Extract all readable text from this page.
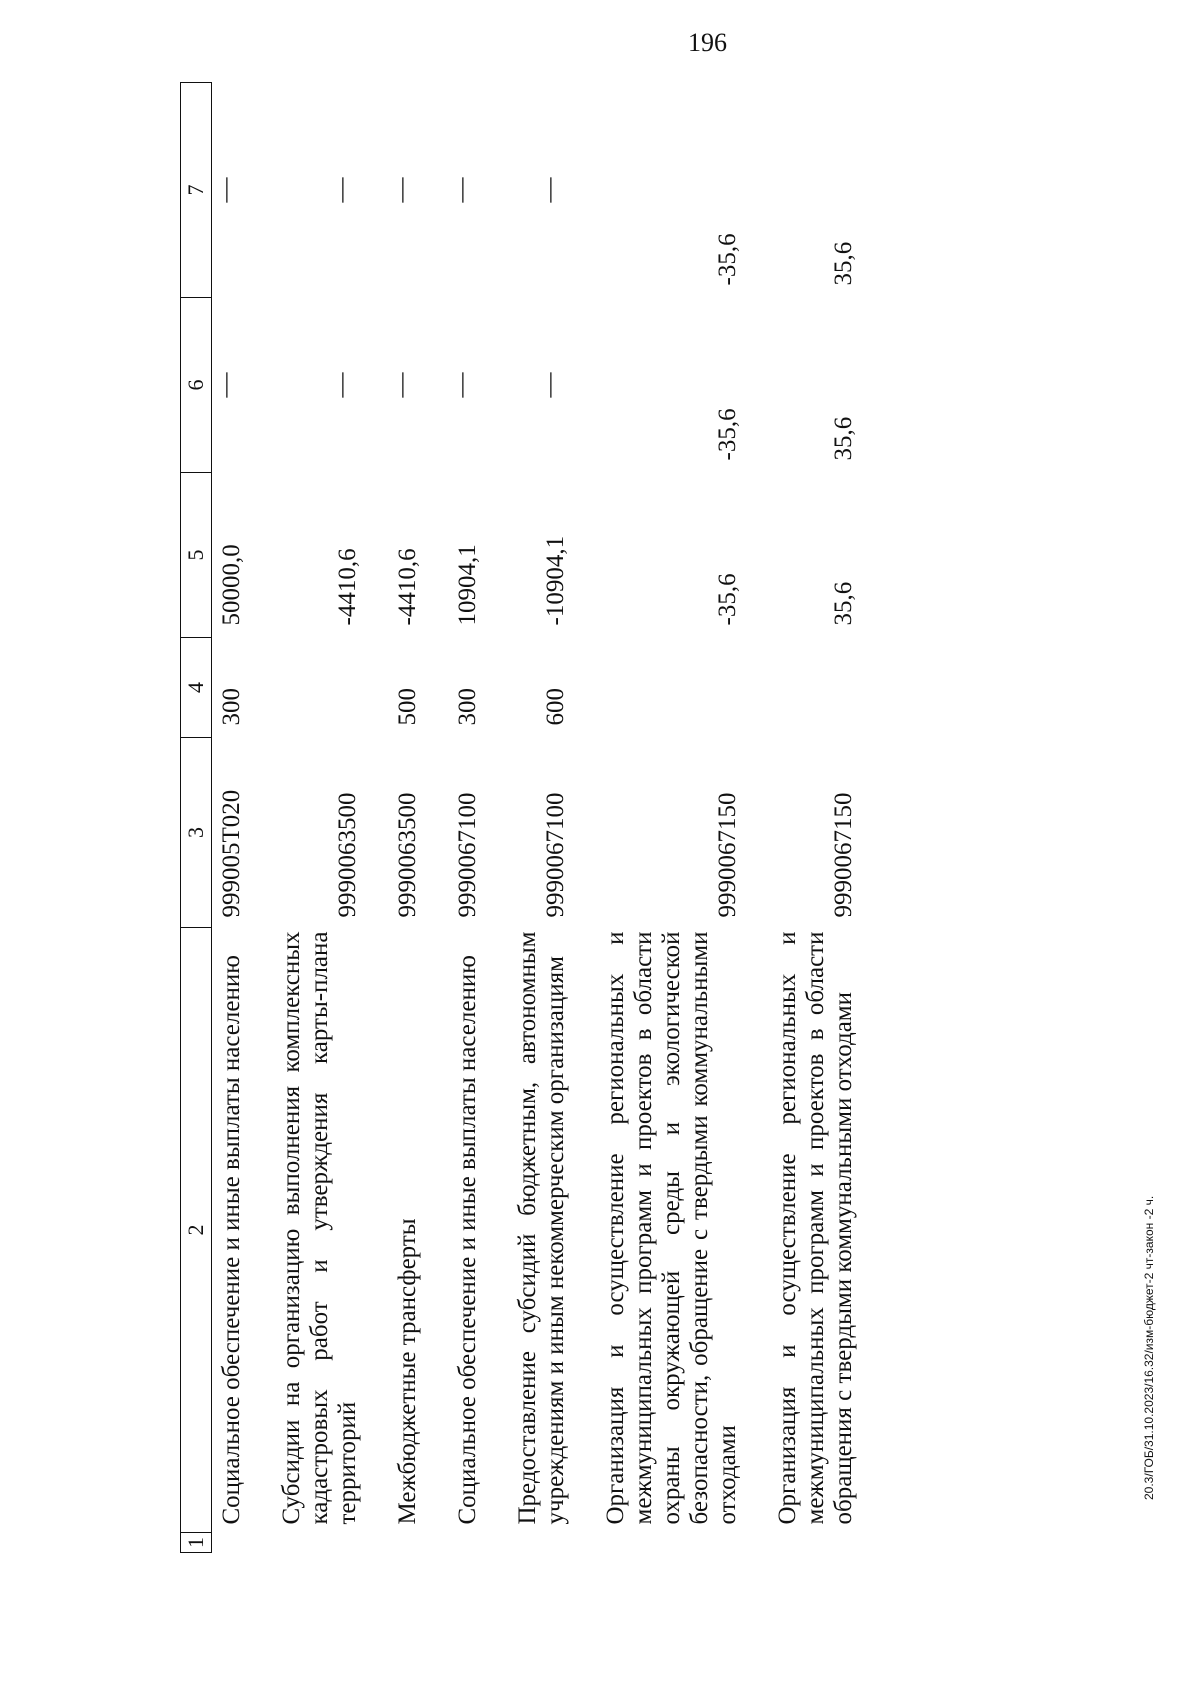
196
1	2	3	4	5	6	7
	Социальное обеспечение и иные выплаты населению	999005Т020	300	50000,0	—	—

	Субсидии на организацию выполнения комплексных кадастровых работ и утверждения карты-плана территорий	9990063500		-4410,6	—	—

	Межбюджетные трансферты	9990063500	500	-4410,6	—	—

	Социальное обеспечение и иные выплаты населению	9990067100	300	10904,1	—	—

	Предоставление субсидий бюджетным, автономным учреждениям и иным некоммерческим организациям	9990067100	600	-10904,1	—	—

	Организация и осуществление региональных и межмуниципальных программ и проектов в области охраны окружающей среды и экологической безопасности, обращение с твердыми коммунальными отходами	9990067150		-35,6	-35,6	-35,6

	Организация и осуществление региональных и межмуниципальных программ и проектов в области обращения с твердыми коммунальными отходами	9990067150		35,6	35,6	35,6
20.3/ГОБ/31.10.2023/16.32/изм-бюджет-2 чт-закон -2 ч.
